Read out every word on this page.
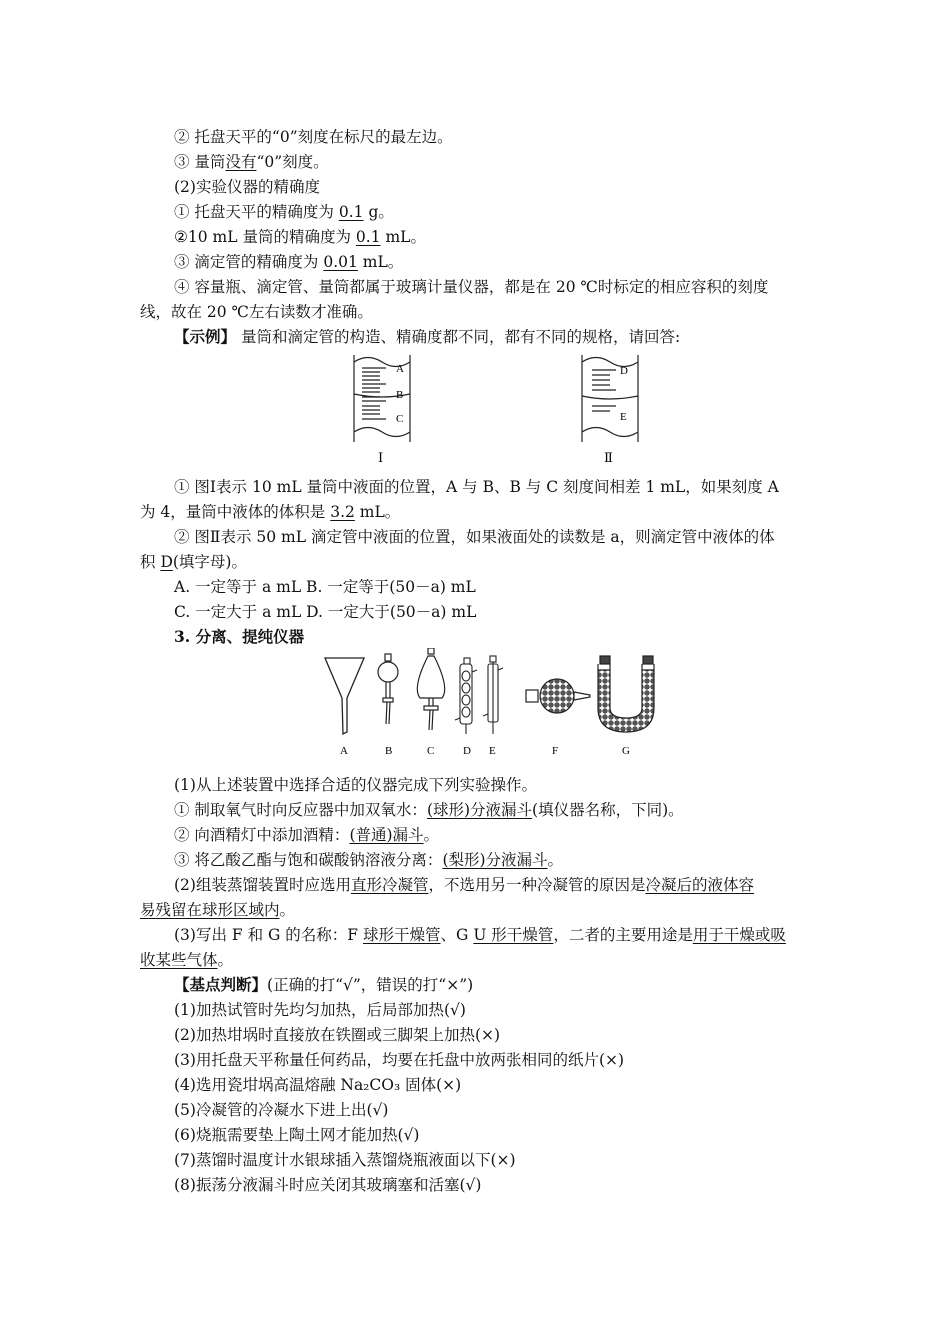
② 托盘天平的“0”刻度在标尺的最左边。
③ 量筒没有“0”刻度。
(2)实验仪器的精确度
① 托盘天平的精确度为 0.1 g。
②10 mL 量筒的精确度为 0.1 mL。
③ 滴定管的精确度为 0.01 mL。
④ 容量瓶、滴定管、量筒都属于玻璃计量仪器，都是在 20 ℃时标定的相应容积的刻度
线，故在 20 ℃左右读数才准确。
【示例】 量筒和滴定管的构造、精确度都不同，都有不同的规格，请回答:
A
B
C
Ⅰ
D
E
Ⅱ
① 图Ⅰ表示 10 mL 量筒中液面的位置，A 与 B、B 与 C 刻度间相差 1 mL，如果刻度 A
为 4，量筒中液体的体积是 3.2 mL。
② 图Ⅱ表示 50 mL 滴定管中液面的位置，如果液面处的读数是 a，则滴定管中液体的体
积 D(填字母)。
A. 一定等于 a mL B. 一定等于(50－a) mL
C. 一定大于 a mL D. 一定大于(50－a) mL
3. 分离、提纯仪器
A	B	C	D E	F	G
(1)从上述装置中选择合适的仪器完成下列实验操作。
① 制取氧气时向反应器中加双氧水：(球形)分液漏斗(填仪器名称，下同)。
② 向酒精灯中添加酒精：(普通)漏斗。
③ 将乙酸乙酯与饱和碳酸钠溶液分离：(梨形)分液漏斗。
(2)组装蒸馏装置时应选用直形冷凝管，不选用另一种冷凝管的原因是冷凝后的液体容
易残留在球形区域内。
(3)写出 F 和 G 的名称：F 球形干燥管、G U 形干燥管，二者的主要用途是用于干燥或吸
收某些气体。
【基点判断】(正确的打“√”，错误的打“×”)
(1)加热试管时先均匀加热，后局部加热(√)
(2)加热坩埚时直接放在铁圈或三脚架上加热(×)
(3)用托盘天平称量任何药品，均要在托盘中放两张相同的纸片(×)
(4)选用瓷坩埚高温熔融 Na₂CO₃ 固体(×)
(5)冷凝管的冷凝水下进上出(√)
(6)烧瓶需要垫上陶土网才能加热(√)
(7)蒸馏时温度计水银球插入蒸馏烧瓶液面以下(×)
(8)振荡分液漏斗时应关闭其玻璃塞和活塞(√)
